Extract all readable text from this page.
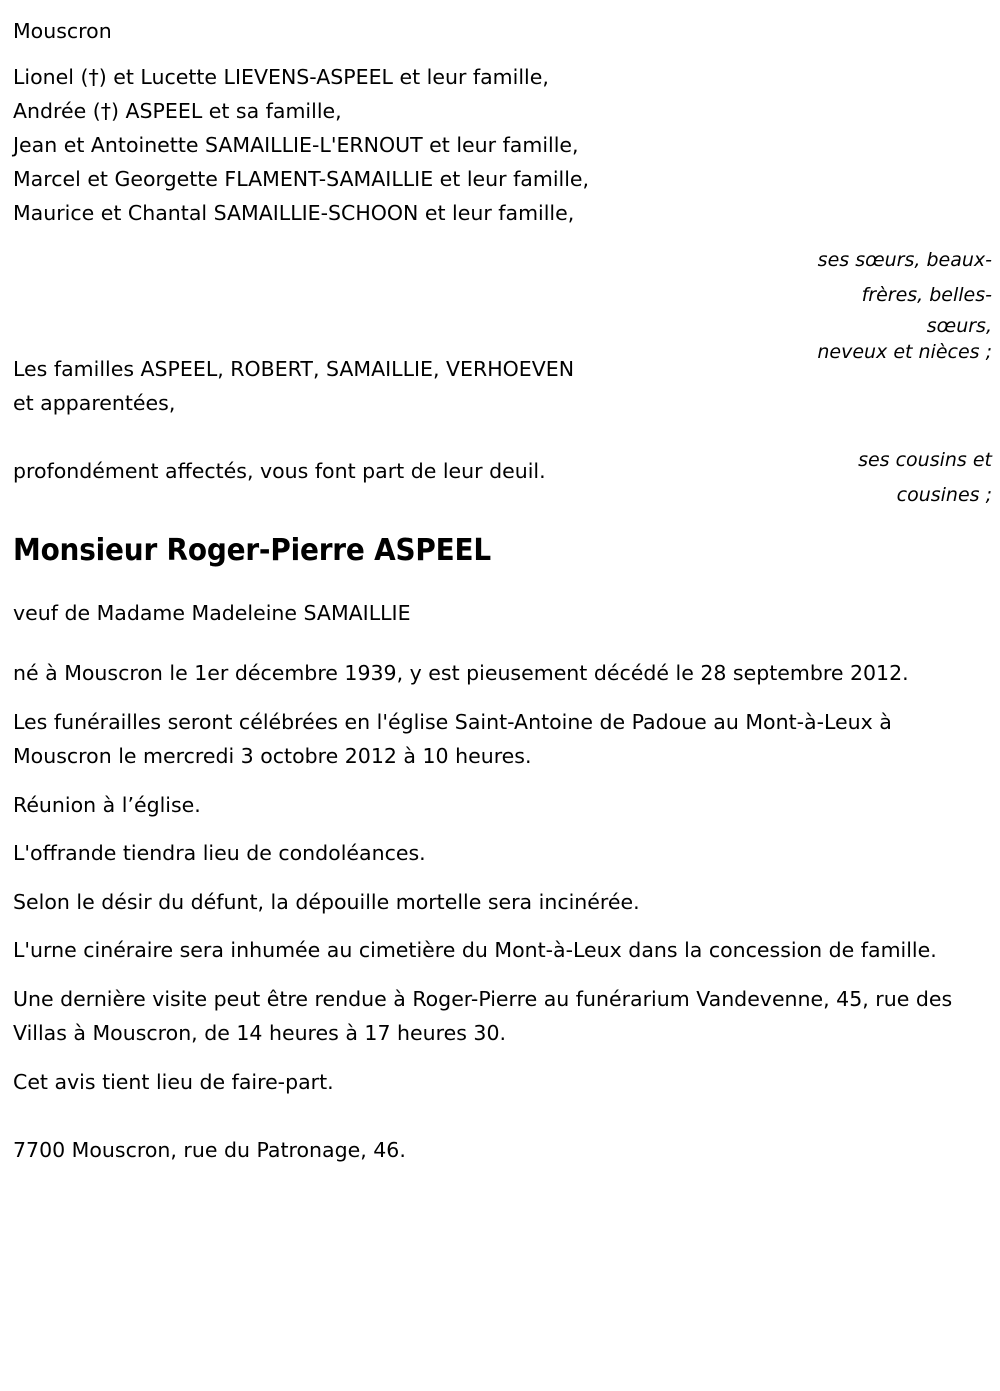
Mouscron
Lionel (†) et Lucette LIEVENS-ASPEEL et leur famille,
Andrée (†) ASPEEL et sa famille,
Jean et Antoinette SAMAILLIE-L'ERNOUT et leur famille,
Marcel et Georgette FLAMENT-SAMAILLIE et leur famille,
Maurice et Chantal SAMAILLIE-SCHOON et leur famille,
ses sœurs, beaux-
frères, belles-
sœurs,
neveux et nièces ;
Les familles ASPEEL, ROBERT, SAMAILLIE, VERHOEVEN
et apparentées,
ses cousins et
cousines ;
profondément affectés, vous font part de leur deuil.
Monsieur Roger-Pierre ASPEEL

veuf de Madame Madeleine SAMAILLIE

né à Mouscron le 1er décembre 1939, y est pieusement décédé le 28 septembre 2012.

Les funérailles seront célébrées en l'église Saint-Antoine de Padoue au Mont-à-Leux à Mouscron le mercredi 3 octobre 2012 à 10 heures.

Réunion à l’église.

L'offrande tiendra lieu de condoléances.

Selon le désir du défunt, la dépouille mortelle sera incinérée.

L'urne cinéraire sera inhumée au cimetière du Mont-à-Leux dans la concession de famille.

Une dernière visite peut être rendue à Roger-Pierre au funérarium Vandevenne, 45, rue des Villas à Mouscron, de 14 heures à 17 heures 30.

Cet avis tient lieu de faire-part.

7700 Mouscron, rue du Patronage, 46.
